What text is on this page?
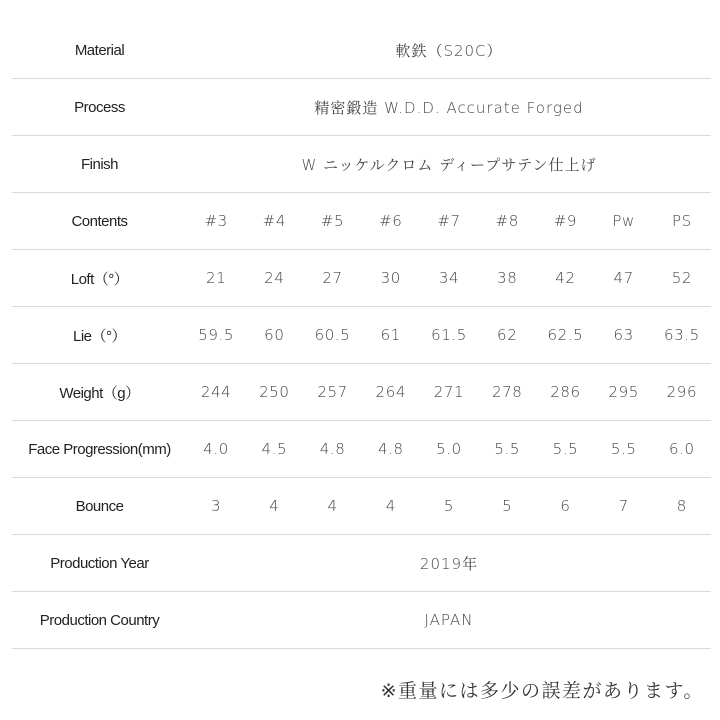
Material	軟鉄（S20C）								
Process	精密鍛造 W.D.D. Accurate Forged								
Finish	W ニッケルクロム ディープサテン仕上げ								
Contents	#3	#4	#5	#6	#7	#8	#9	Pw	PS
Loft（°）	21	24	27	30	34	38	42	47	52
Lie（°）	59.5	60	60.5	61	61.5	62	62.5	63	63.5
Weight（g）	244	250	257	264	271	278	286	295	296
Face Progression(mm)	4.0	4.5	4.8	4.8	5.0	5.5	5.5	5.5	6.0
Bounce	3	4	4	4	5	5	6	7	8
Production Year	2019年								
Production Country	JAPAN								
※重量には多少の誤差があります。
